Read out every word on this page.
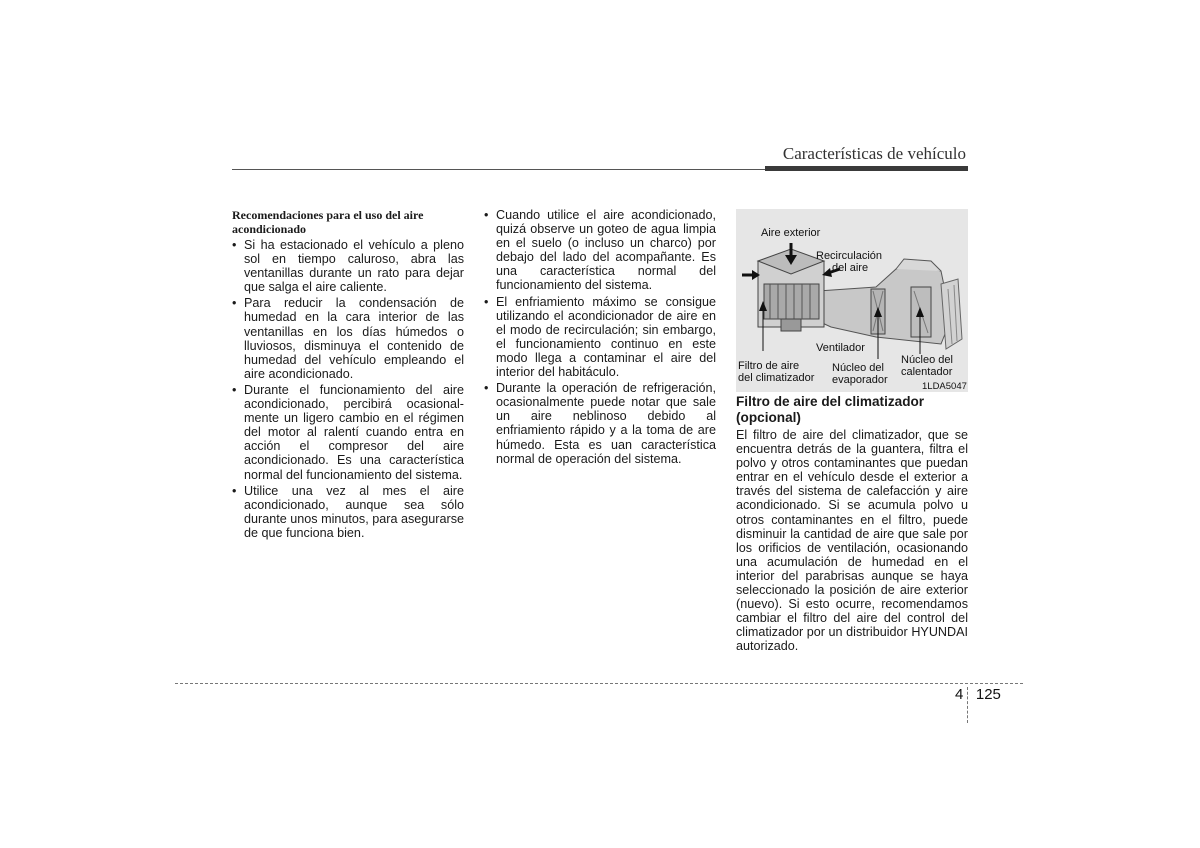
Características de vehículo
Recomendaciones para el uso del aire acondicionado
• Si ha estacionado el vehículo a pleno sol en tiempo caluroso, abra las ventanillas durante un rato para dejar que salga el aire caliente.
• Para reducir la condensación de humedad en la cara interior de las ventanillas en los días húmedos o lluviosos, disminuya el contenido de humedad del vehículo empleando el aire acondicionado.
• Durante el funcionamiento del aire acondicionado, percibirá ocasional- mente un ligero cambio en el régimen del motor al ralentí cuando entra en acción el compresor del aire acondicionado. Es una característica normal del funcionamiento del sistema.
• Utilice una vez al mes el aire acondicionado, aunque sea sólo durante unos minutos, para asegurarse de que funciona bien.
• Cuando utilice el aire acondicionado, quizá observe un goteo de agua limpia en el suelo (o incluso un charco) por debajo del lado del acompañante. Es una característica normal del funcionamiento del sistema.
• El enfriamiento máximo se consigue utilizando el acondicionador de aire en el modo de recirculación; sin embargo, el funcionamiento continuo en este modo llega a contaminar el aire del interior del habitáculo.
• Durante la operación de refrigeración, ocasionalmente puede notar que sale un aire neblinoso debido al enfriamiento rápido y a la toma de are húmedo. Esta es uan característica normal de operación del sistema.
Aire exterior
Recirculación
del aire
Ventilador
Filtro de aire
del climatizador
Núcleo del
evaporador
Núcleo del
calentador
1LDA5047
Filtro de aire del climatizador (opcional)
El filtro de aire del climatizador, que se encuentra detrás de la guantera, filtra el polvo y otros contaminantes que puedan entrar en el vehículo desde el exterior a través del sistema de calefacción y aire acondicionado. Si se acumula polvo u otros contaminantes en el filtro, puede disminuir la cantidad de aire que sale por los orificios de ventilación, ocasionando una acumulación de humedad en el interior del parabrisas aunque se haya seleccionado la posición de aire exterior (nuevo). Si esto ocurre, recomendamos cambiar el filtro del aire del control del climatizador por un distribuidor HYUNDAI autorizado.
4 125
